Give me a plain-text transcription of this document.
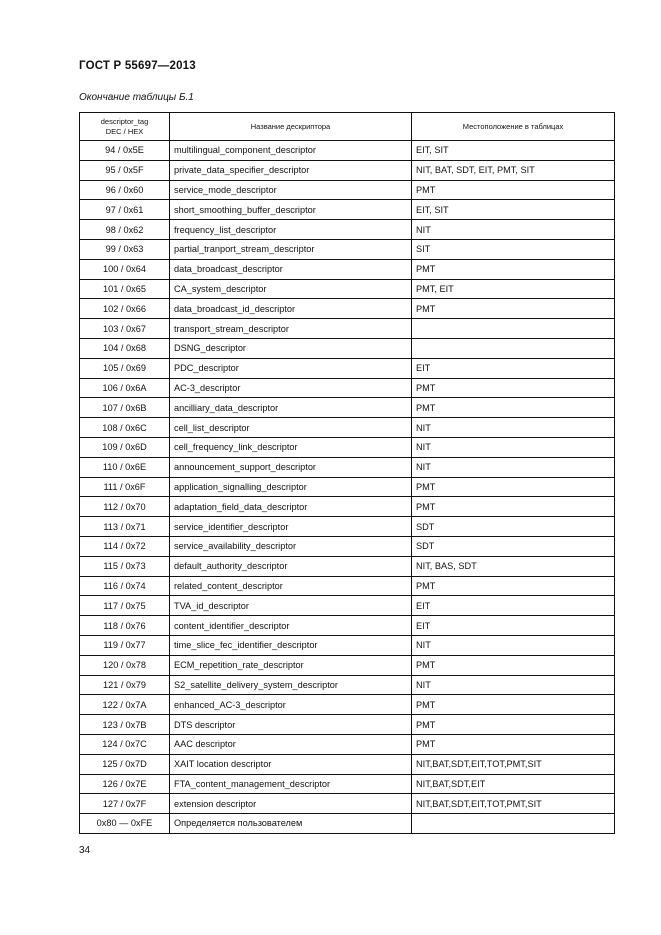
ГОСТ Р 55697—2013
Окончание таблицы Б.1
descriptor_tag
DEC / HEX	Название дескриптора	Местоположение в таблицах
94 / 0x5E	multilingual_component_descriptor	EIT, SIT
95 / 0x5F	private_data_specifier_descriptor	NIT, BAT, SDT, EIT, PMT, SIT
96 / 0x60	service_mode_descriptor	PMT
97 / 0x61	short_smoothing_buffer_descriptor	EIT, SIT
98 / 0x62	frequency_list_descriptor	NIT
99 / 0x63	partial_tranport_stream_descriptor	SIT
100 / 0x64	data_broadcast_descriptor	PMT
101 / 0x65	CA_system_descriptor	PMT, EIT
102 / 0x66	data_broadcast_id_descriptor	PMT
103 / 0x67	transport_stream_descriptor	
104 / 0x68	DSNG_descriptor	
105 / 0x69	PDC_descriptor	EIT
106 / 0x6A	AC-3_descriptor	PMT
107 / 0x6B	ancilliary_data_descriptor	PMT
108 / 0x6C	cell_list_descriptor	NIT
109 / 0x6D	cell_frequency_link_descriptor	NIT
110 / 0x6E	announcement_support_descriptor	NIT
111 / 0x6F	application_signalling_descriptor	PMT
112 / 0x70	adaptation_field_data_descriptor	PMT
113 / 0x71	service_identifier_descriptor	SDT
114 / 0x72	service_availability_descriptor	SDT
115 / 0x73	default_authority_descriptor	NIT, BAS, SDT
116 / 0x74	related_content_descriptor	PMT
117 / 0x75	TVA_id_descriptor	EIT
118 / 0x76	content_identifier_descriptor	EIT
119 / 0x77	time_slice_fec_identifier_descriptor	NIT
120 / 0x78	ECM_repetition_rate_descriptor	PMT
121 / 0x79	S2_satellite_delivery_system_descriptor	NIT
122 / 0x7A	enhanced_AC-3_descriptor	PMT
123 / 0x7B	DTS descriptor	PMT
124 / 0x7C	AAC descriptor	PMT
125 / 0x7D	XAIT location descriptor	NIT,BAT,SDT,EIT,TOT,PMT,SIT
126 / 0x7E	FTA_content_management_descriptor	NIT,BAT,SDT,EIT
127 / 0x7F	extension descriptor	NIT,BAT,SDT,EIT,TOT,PMT,SIT
0x80 — 0xFE	Определяется пользователем	
34
